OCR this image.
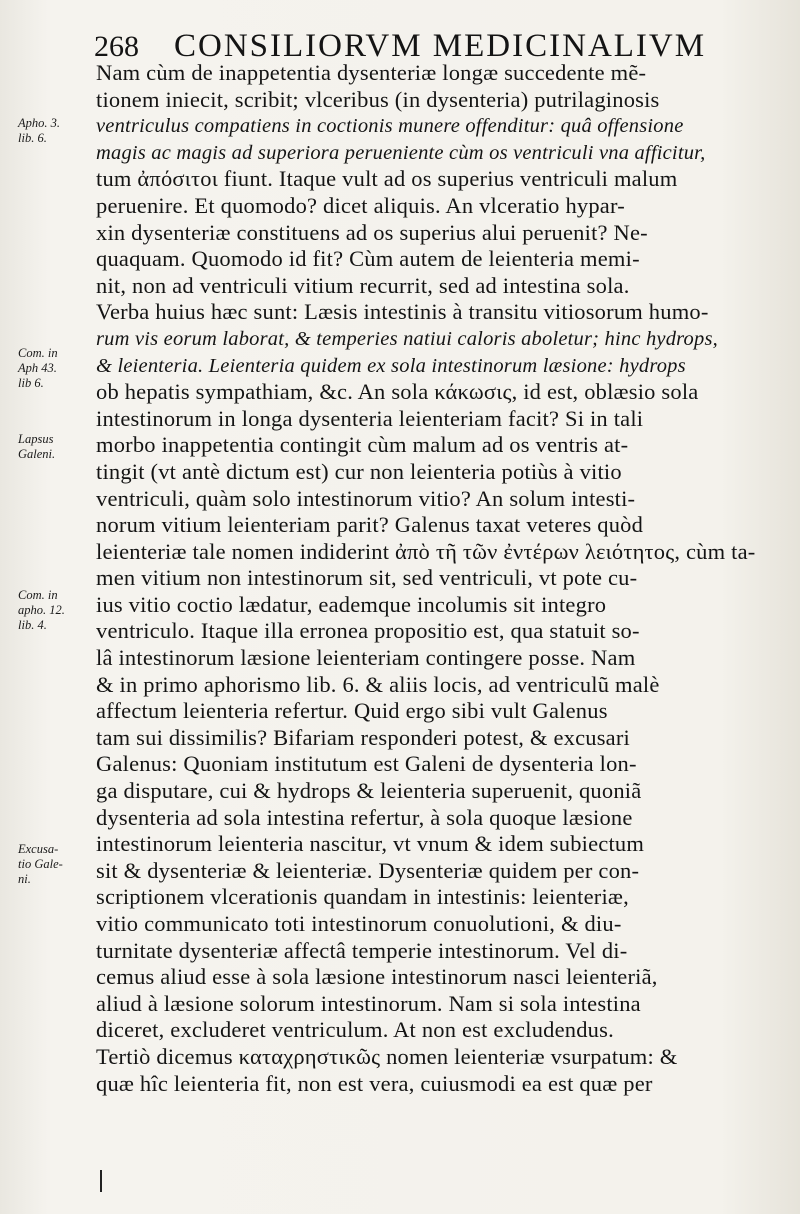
268 CONSILIORVM MEDICINALIVM
Apho. 3.
lib. 6.
Com. in
Aph 43.
lib 6.
Lapsus
Galeni.
Com. in
apho. 12.
lib. 4.
Excusa-
tio Gale-
ni.
Nam cùm de inappetentia dysenteriæ longæ succedente mẽ-
tionem iniecit, scribit; vlceribus (in dysenteria) putrilaginosis
ventriculus compatiens in coctionis munere offenditur: quâ offensione
magis ac magis ad superiora perueniente cùm os ventriculi vna afficitur,
tum ἀπόσιτοι fiunt. Itaque vult ad os superius ventriculi malum
peruenire. Et quomodo? dicet aliquis. An vlceratio hypar-
xin dysenteriæ constituens ad os superius alui peruenit? Ne-
quaquam. Quomodo id fit? Cùm autem de leienteria memi-
nit, non ad ventriculi vitium recurrit, sed ad intestina sola.
Verba huius hæc sunt: Læsis intestinis à transitu vitiosorum humo-
rum vis eorum laborat, & temperies natiui caloris aboletur; hinc hydrops,
& leienteria. Leienteria quidem ex sola intestinorum læsione: hydrops
ob hepatis sympathiam, &c. An sola κάκωσις, id est, oblæsio sola
intestinorum in longa dysenteria leienteriam facit? Si in tali
morbo inappetentia contingit cùm malum ad os ventris at-
tingit (vt antè dictum est) cur non leienteria potiùs à vitio
ventriculi, quàm solo intestinorum vitio? An solum intesti-
norum vitium leienteriam parit? Galenus taxat veteres quòd
leienteriæ tale nomen indiderint ἀπὸ τῆ τῶν ἐντέρων λειότητος, cùm ta-
men vitium non intestinorum sit, sed ventriculi, vt pote cu-
ius vitio coctio lædatur, eademque incolumis sit integro
ventriculo. Itaque illa erronea propositio est, qua statuit so-
lâ intestinorum læsione leienteriam contingere posse. Nam
& in primo aphorismo lib. 6. & aliis locis, ad ventriculũ malè
affectum leienteria refertur. Quid ergo sibi vult Galenus
tam sui dissimilis? Bifariam responderi potest, & excusari
Galenus: Quoniam institutum est Galeni de dysenteria lon-
ga disputare, cui & hydrops & leienteria superuenit, quoniã
dysenteria ad sola intestina refertur, à sola quoque læsione
intestinorum leienteria nascitur, vt vnum & idem subiectum
sit & dysenteriæ & leienteriæ. Dysenteriæ quidem per con-
scriptionem vlcerationis quandam in intestinis: leienteriæ,
vitio communicato toti intestinorum conuolutioni, & diu-
turnitate dysenteriæ affectâ temperie intestinorum. Vel di-
cemus aliud esse à sola læsione intestinorum nasci leienteriã,
aliud à læsione solorum intestinorum. Nam si sola intestina
diceret, excluderet ventriculum. At non est excludendus.
Tertiò dicemus καταχρηστικῶς nomen leienteriæ vsurpatum: &
quæ hîc leienteria fit, non est vera, cuiusmodi ea est quæ per
